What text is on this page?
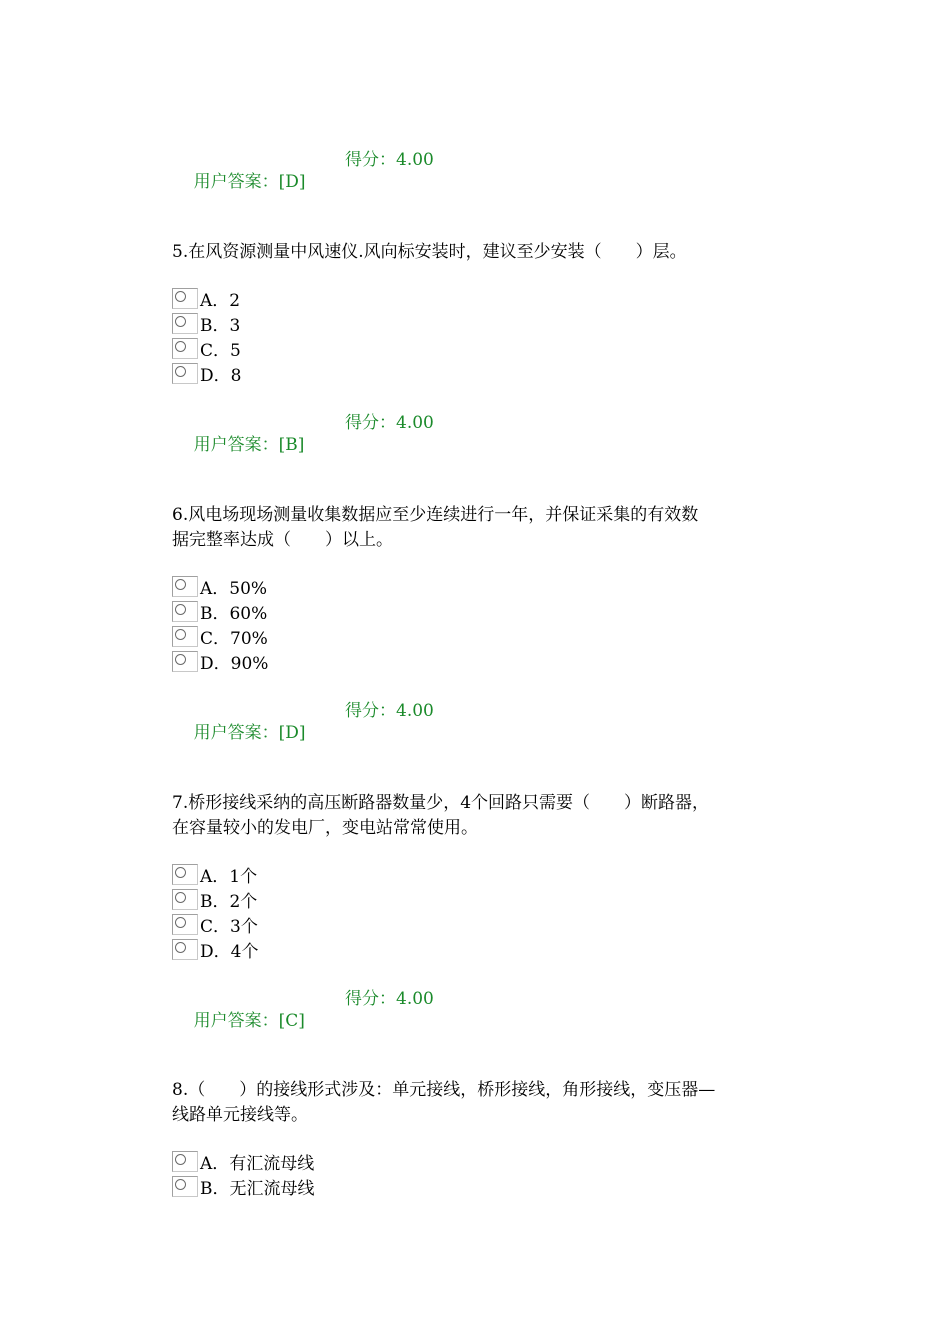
用户答案：[D]

得分：4.00

5.在风资源测量中风速仪.风向标安装时，建议至少安装（　　）层。

A．2
B．3
C．5
D．8

用户答案：[B]

得分：4.00

6.风电场现场测量收集数据应至少连续进行一年，并保证采集的有效数
据完整率达成（　　）以上。

A．50%
B．60%
C．70%
D．90%

用户答案：[D]

得分：4.00

7.桥形接线采纳的高压断路器数量少，4个回路只需要（　　）断路器，
在容量较小的发电厂，变电站常常使用。

A．1个
B．2个
C．3个
D．4个

用户答案：[C]

得分：4.00

8.（　　）的接线形式涉及：单元接线，桥形接线，角形接线，变压器—
线路单元接线等。

A．有汇流母线
B．无汇流母线
